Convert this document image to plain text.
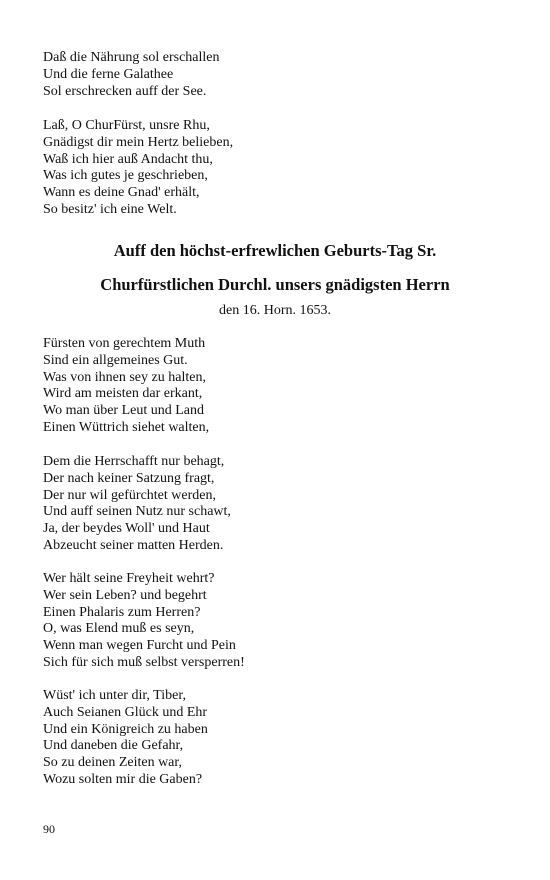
Daß die Nährung sol erschallen
Und die ferne Galathee
Sol erschrecken auff der See.
Laß, O ChurFürst, unsre Rhu,
Gnädigst dir mein Hertz belieben,
Waß ich hier auß Andacht thu,
Was ich gutes je geschrieben,
Wann es deine Gnad' erhält,
So besitz' ich eine Welt.
Auff den höchst-erfrewlichen Geburts-Tag Sr.
Churfürstlichen Durchl. unsers gnädigsten Herrn
den 16. Horn. 1653.
Fürsten von gerechtem Muth
Sind ein allgemeines Gut.
Was von ihnen sey zu halten,
Wird am meisten dar erkant,
Wo man über Leut und Land
Einen Wüttrich siehet walten,
Dem die Herrschafft nur behagt,
Der nach keiner Satzung fragt,
Der nur wil gefürchtet werden,
Und auff seinen Nutz nur schawt,
Ja, der beydes Woll' und Haut
Abzeucht seiner matten Herden.
Wer hält seine Freyheit wehrt?
Wer sein Leben? und begehrt
Einen Phalaris zum Herren?
O, was Elend muß es seyn,
Wenn man wegen Furcht und Pein
Sich für sich muß selbst versperren!
Wüst' ich unter dir, Tiber,
Auch Seianen Glück und Ehr
Und ein Königreich zu haben
Und daneben die Gefahr,
So zu deinen Zeiten war,
Wozu solten mir die Gaben?
90
